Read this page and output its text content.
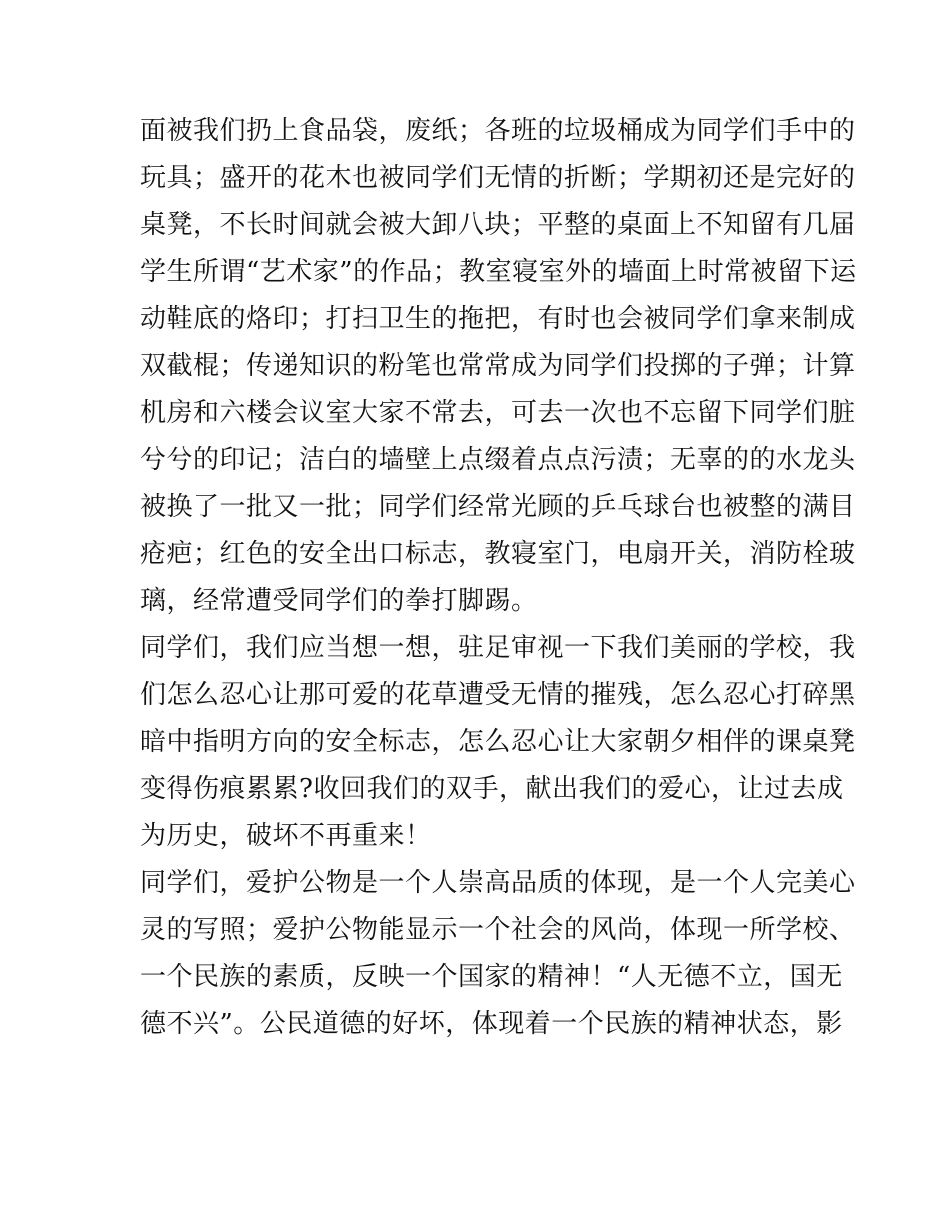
面被我们扔上食品袋，废纸；各班的垃圾桶成为同学们手中的
玩具；盛开的花木也被同学们无情的折断；学期初还是完好的
桌凳，不长时间就会被大卸八块；平整的桌面上不知留有几届
学生所谓“艺术家”的作品；教室寝室外的墙面上时常被留下运
动鞋底的烙印；打扫卫生的拖把，有时也会被同学们拿来制成
双截棍；传递知识的粉笔也常常成为同学们投掷的子弹；计算
机房和六楼会议室大家不常去，可去一次也不忘留下同学们脏
兮兮的印记；洁白的墙壁上点缀着点点污渍；无辜的的水龙头
被换了一批又一批；同学们经常光顾的乒乓球台也被整的满目
疮疤；红色的安全出口标志，教寝室门，电扇开关，消防栓玻
璃，经常遭受同学们的拳打脚踢。
同学们，我们应当想一想，驻足审视一下我们美丽的学校，我
们怎么忍心让那可爱的花草遭受无情的摧残，怎么忍心打碎黑
暗中指明方向的安全标志，怎么忍心让大家朝夕相伴的课桌凳
变得伤痕累累?收回我们的双手，献出我们的爱心，让过去成
为历史，破坏不再重来！
同学们，爱护公物是一个人崇高品质的体现，是一个人完美心
灵的写照；爱护公物能显示一个社会的风尚，体现一所学校、
一个民族的素质，反映一个国家的精神！“人无德不立，国无
德不兴”。公民道德的好坏，体现着一个民族的精神状态，影
